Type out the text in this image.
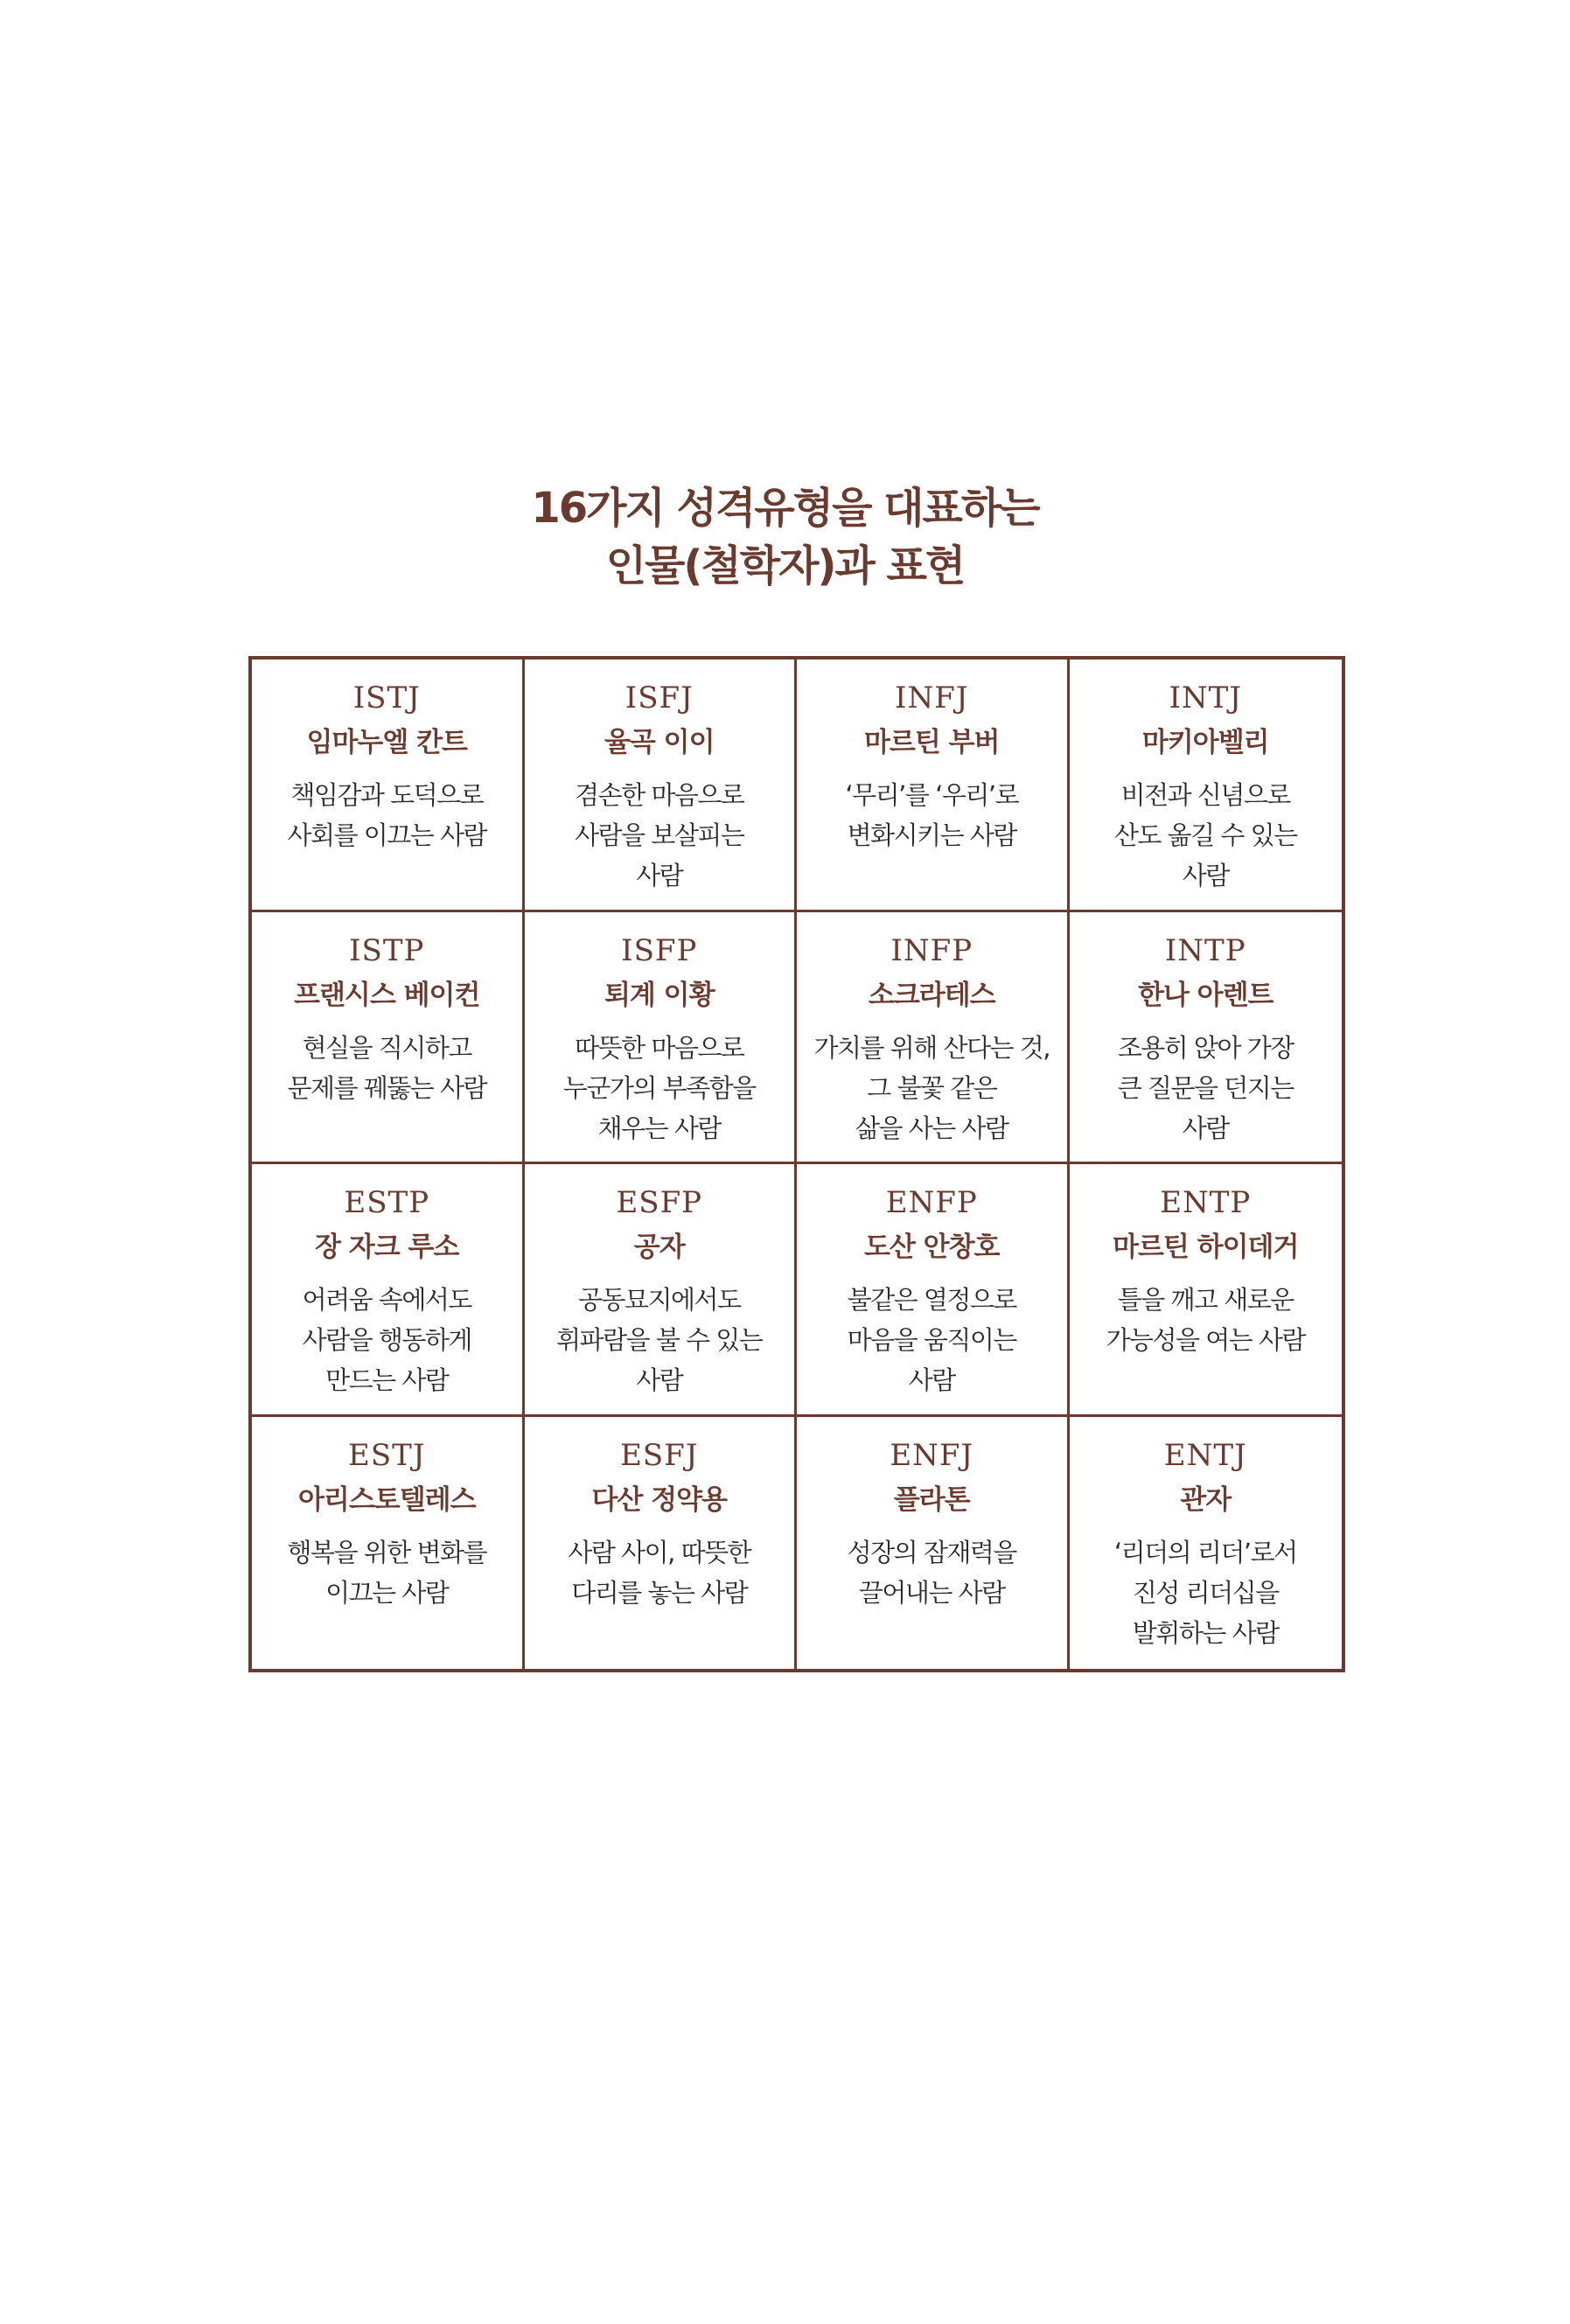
16가지 성격유형을 대표하는
인물(철학자)과 표현
ISTJ
임마누엘 칸트
책임감과 도덕으로
사회를 이끄는 사람
ISFJ
율곡 이이
겸손한 마음으로
사람을 보살피는
사람
INFJ
마르틴 부버
‘무리’를 ‘우리’로
변화시키는 사람
INTJ
마키아벨리
비전과 신념으로
산도 옮길 수 있는
사람
ISTP
프랜시스 베이컨
현실을 직시하고
문제를 꿰뚫는 사람
ISFP
퇴계 이황
따뜻한 마음으로
누군가의 부족함을
채우는 사람
INFP
소크라테스
가치를 위해 산다는 것,
그 불꽃 같은
삶을 사는 사람
INTP
한나 아렌트
조용히 앉아 가장
큰 질문을 던지는
사람
ESTP
장 자크 루소
어려움 속에서도
사람을 행동하게
만드는 사람
ESFP
공자
공동묘지에서도
휘파람을 불 수 있는
사람
ENFP
도산 안창호
불같은 열정으로
마음을 움직이는
사람
ENTP
마르틴 하이데거
틀을 깨고 새로운
가능성을 여는 사람
ESTJ
아리스토텔레스
행복을 위한 변화를
이끄는 사람
ESFJ
다산 정약용
사람 사이, 따뜻한
다리를 놓는 사람
ENFJ
플라톤
성장의 잠재력을
끌어내는 사람
ENTJ
관자
‘리더의 리더’로서
진성 리더십을
발휘하는 사람
